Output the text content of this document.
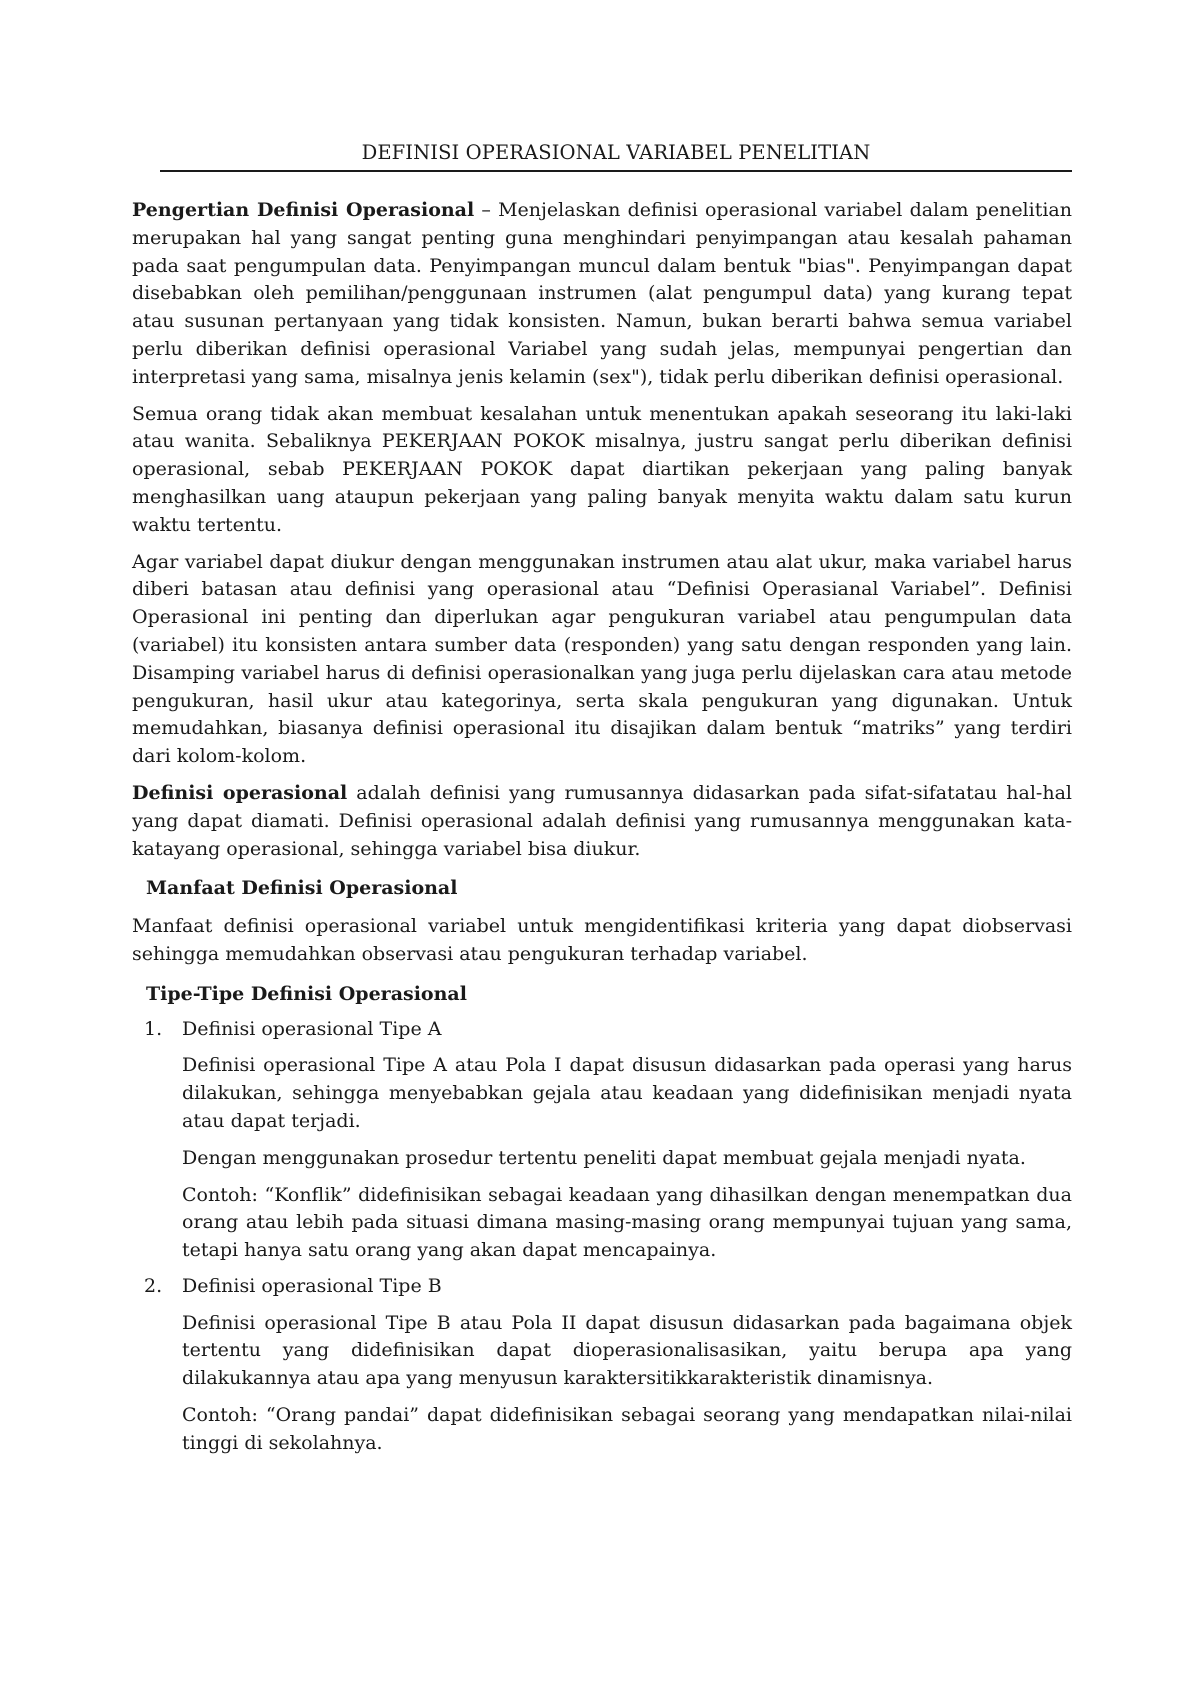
DEFINISI OPERASIONAL VARIABEL PENELITIAN

Pengertian Definisi Operasional – Menjelaskan definisi operasional variabel dalam penelitian merupakan hal yang sangat penting guna menghindari penyimpangan atau kesalah pahaman pada saat pengumpulan data. Penyimpangan muncul dalam bentuk "bias". Penyimpangan dapat disebabkan oleh pemilihan/penggunaan instrumen (alat pengumpul data) yang kurang tepat atau susunan pertanyaan yang tidak konsisten. Namun, bukan berarti bahwa semua variabel perlu diberikan definisi operasional Variabel yang sudah jelas, mempunyai pengertian dan interpretasi yang sama, misalnya jenis kelamin (sex"), tidak perlu diberikan definisi operasional.

Semua orang tidak akan membuat kesalahan untuk menentukan apakah seseorang itu laki-laki atau wanita. Sebaliknya PEKERJAAN POKOK misalnya, justru sangat perlu diberikan definisi operasional, sebab PEKERJAAN POKOK dapat diartikan pekerjaan yang paling banyak menghasilkan uang ataupun pekerjaan yang paling banyak menyita waktu dalam satu kurun waktu tertentu.

Agar variabel dapat diukur dengan menggunakan instrumen atau alat ukur, maka variabel harus diberi batasan atau definisi yang operasional atau “Definisi Operasianal Variabel”. Definisi Operasional ini penting dan diperlukan agar pengukuran variabel atau pengumpulan data (variabel) itu konsisten antara sumber data (responden) yang satu dengan responden yang lain. Disamping variabel harus di definisi operasionalkan yang juga perlu dijelaskan cara atau metode pengukuran, hasil ukur atau kategorinya, serta skala pengukuran yang digunakan. Untuk memudahkan, biasanya definisi operasional itu disajikan dalam bentuk “matriks” yang terdiri dari kolom-kolom.

Definisi operasional adalah definisi yang rumusannya didasarkan pada sifat-sifatatau hal-hal yang dapat diamati. Definisi operasional adalah definisi yang rumusannya menggunakan kata-katayang operasional, sehingga variabel bisa diukur.

Manfaat Definisi Operasional

Manfaat definisi operasional variabel untuk mengidentifikasi kriteria yang dapat diobservasi sehingga memudahkan observasi atau pengukuran terhadap variabel.

Tipe-Tipe Definisi Operasional
1. Definisi operasional Tipe A

Definisi operasional Tipe A atau Pola I dapat disusun didasarkan pada operasi yang harus dilakukan, sehingga menyebabkan gejala atau keadaan yang didefinisikan menjadi nyata atau dapat terjadi.

Dengan menggunakan prosedur tertentu peneliti dapat membuat gejala menjadi nyata.

Contoh: “Konflik” didefinisikan sebagai keadaan yang dihasilkan dengan menempatkan dua orang atau lebih pada situasi dimana masing-masing orang mempunyai tujuan yang sama, tetapi hanya satu orang yang akan dapat mencapainya.

2. Definisi operasional Tipe B

Definisi operasional Tipe B atau Pola II dapat disusun didasarkan pada bagaimana objek tertentu yang didefinisikan dapat dioperasionalisasikan, yaitu berupa apa yang dilakukannya atau apa yang menyusun karaktersitikkarakteristik dinamisnya.

Contoh: “Orang pandai” dapat didefinisikan sebagai seorang yang mendapatkan nilai-nilai tinggi di sekolahnya.
